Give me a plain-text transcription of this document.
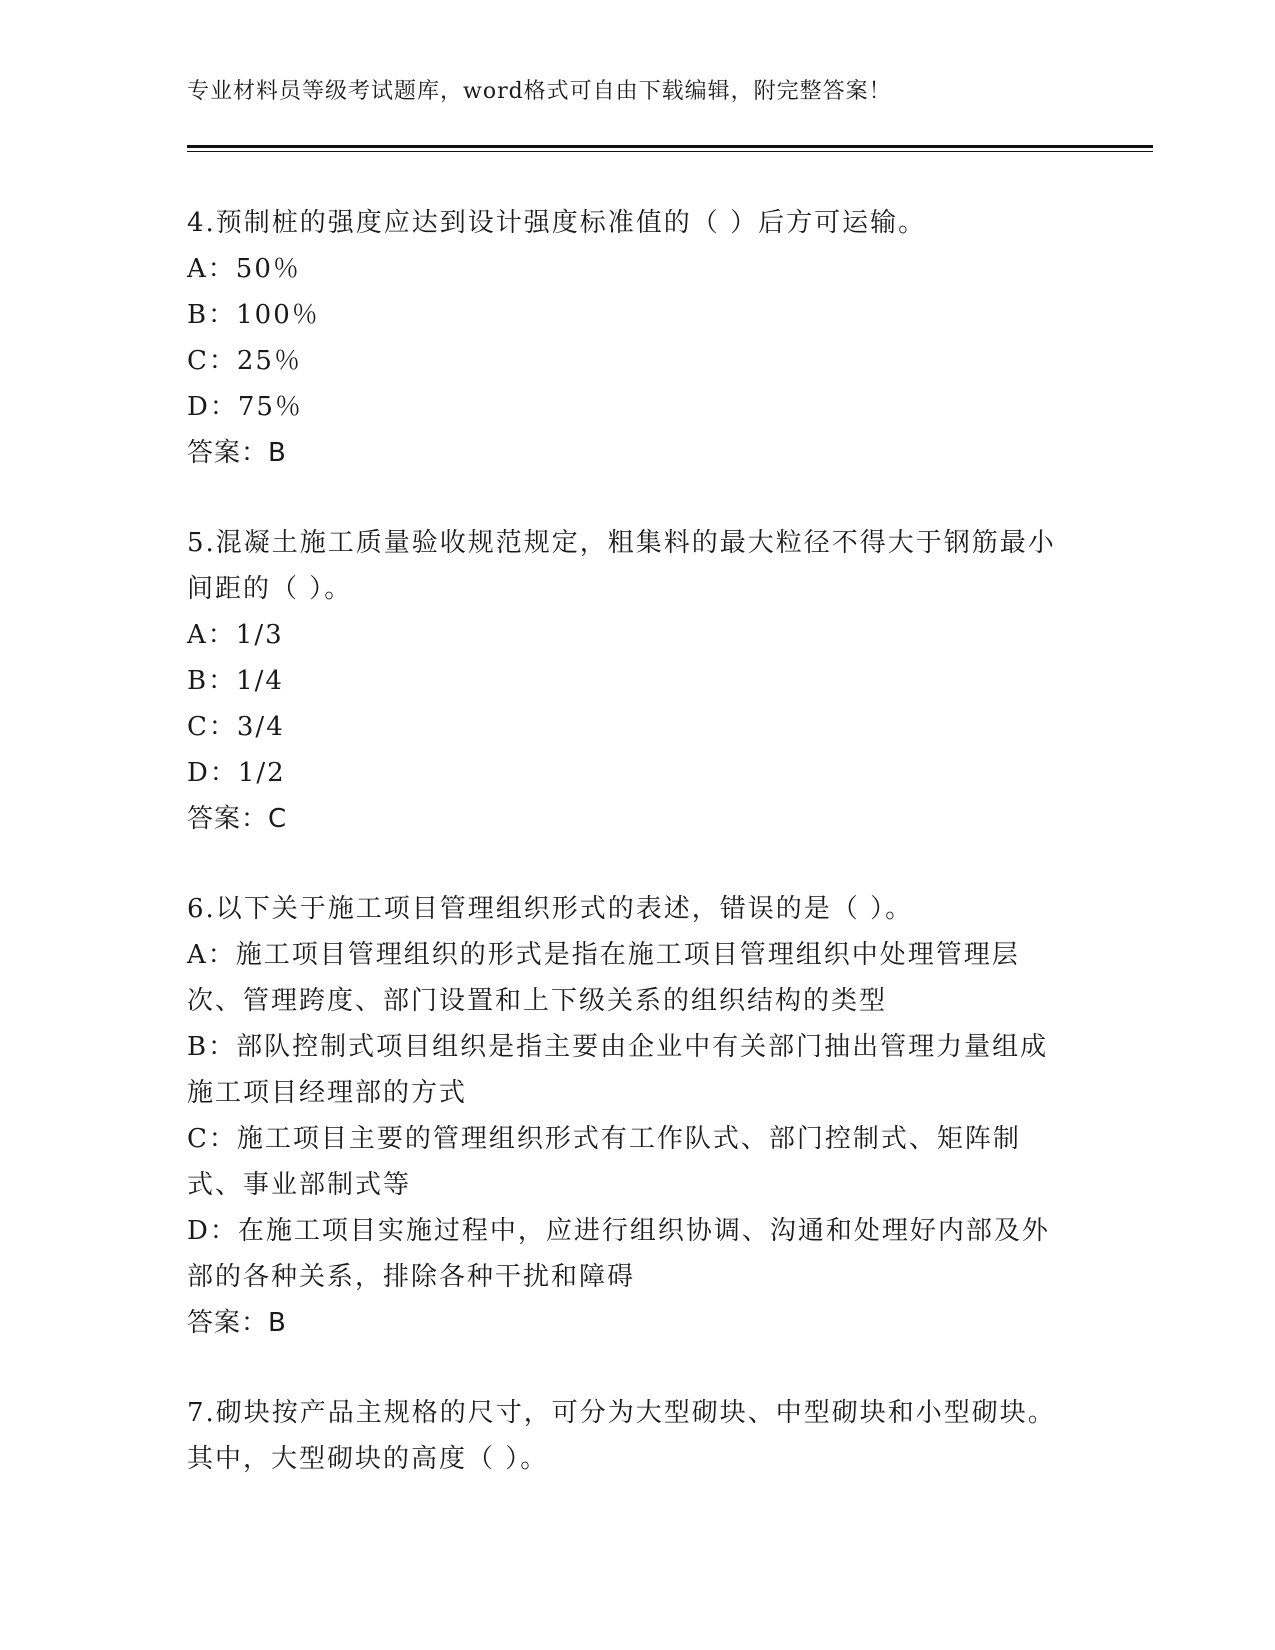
专业材料员等级考试题库，word格式可自由下载编辑，附完整答案！
4.预制桩的强度应达到设计强度标准值的（ ）后方可运输。
A：50％
B：100％
C：25％
D：75％
答案：B
5.混凝土施工质量验收规范规定，粗集料的最大粒径不得大于钢筋最小间距的（ ）。
A：1/3
B：1/4
C：3/4
D：1/2
答案：C
6.以下关于施工项目管理组织形式的表述，错误的是（ ）。
A：施工项目管理组织的形式是指在施工项目管理组织中处理管理层次、管理跨度、部门设置和上下级关系的组织结构的类型
B：部队控制式项目组织是指主要由企业中有关部门抽出管理力量组成施工项目经理部的方式
C：施工项目主要的管理组织形式有工作队式、部门控制式、矩阵制式、事业部制式等
D：在施工项目实施过程中，应进行组织协调、沟通和处理好内部及外部的各种关系，排除各种干扰和障碍
答案：B
7.砌块按产品主规格的尺寸，可分为大型砌块、中型砌块和小型砌块。其中，大型砌块的高度（ ）。
